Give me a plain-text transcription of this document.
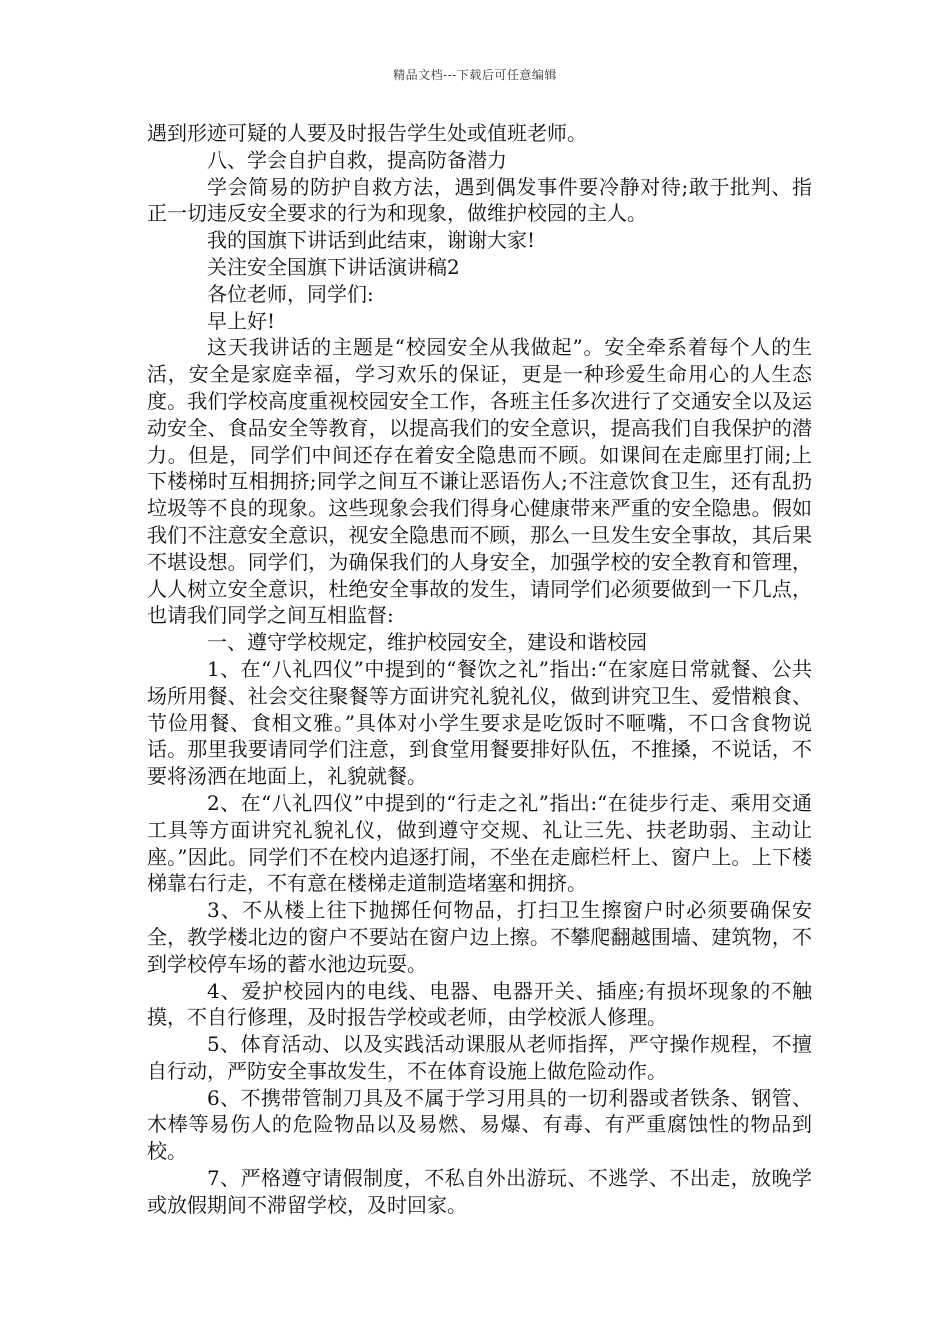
精品文档---下载后可任意编辑

遇到形迹可疑的人要及时报告学生处或值班老师。

八、学会自护自救，提高防备潜力

学会简易的防护自救方法，遇到偶发事件要冷静对待;敢于批判、指正一切违反安全要求的行为和现象，做维护校园的主人。

我的国旗下讲话到此结束，谢谢大家!

关注安全国旗下讲话演讲稿2

各位老师，同学们:

早上好!

这天我讲话的主题是“校园安全从我做起”。安全牵系着每个人的生活，安全是家庭幸福，学习欢乐的保证，更是一种珍爱生命用心的人生态度。我们学校高度重视校园安全工作，各班主任多次进行了交通安全以及运动安全、食品安全等教育，以提高我们的安全意识，提高我们自我保护的潜力。但是，同学们中间还存在着安全隐患而不顾。如课间在走廊里打闹;上下楼梯时互相拥挤;同学之间互不谦让恶语伤人;不注意饮食卫生，还有乱扔垃圾等不良的现象。这些现象会我们得身心健康带来严重的安全隐患。假如我们不注意安全意识，视安全隐患而不顾，那么一旦发生安全事故，其后果不堪设想。同学们，为确保我们的人身安全，加强学校的安全教育和管理，人人树立安全意识，杜绝安全事故的发生，请同学们必须要做到一下几点，也请我们同学之间互相监督:

一、遵守学校规定，维护校园安全，建设和谐校园

1、在“八礼四仪”中提到的“餐饮之礼”指出:“在家庭日常就餐、公共场所用餐、社会交往聚餐等方面讲究礼貌礼仪，做到讲究卫生、爱惜粮食、节俭用餐、食相文雅。”具体对小学生要求是吃饭时不咂嘴，不口含食物说话。那里我要请同学们注意，到食堂用餐要排好队伍，不推搡，不说话，不要将汤洒在地面上，礼貌就餐。

2、在“八礼四仪”中提到的“行走之礼”指出:“在徒步行走、乘用交通工具等方面讲究礼貌礼仪，做到遵守交规、礼让三先、扶老助弱、主动让座。”因此。同学们不在校内追逐打闹，不坐在走廊栏杆上、窗户上。上下楼梯靠右行走，不有意在楼梯走道制造堵塞和拥挤。

3、不从楼上往下抛掷任何物品，打扫卫生擦窗户时必须要确保安全，教学楼北边的窗户不要站在窗户边上擦。不攀爬翻越围墙、建筑物，不到学校停车场的蓄水池边玩耍。

4、爱护校园内的电线、电器、电器开关、插座;有损坏现象的不触摸，不自行修理，及时报告学校或老师，由学校派人修理。

5、体育活动、以及实践活动课服从老师指挥，严守操作规程，不擅自行动，严防安全事故发生，不在体育设施上做危险动作。

6、不携带管制刀具及不属于学习用具的一切利器或者铁条、钢管、木棒等易伤人的危险物品以及易燃、易爆、有毒、有严重腐蚀性的物品到校。

7、严格遵守请假制度，不私自外出游玩、不逃学、不出走，放晚学或放假期间不滞留学校，及时回家。
